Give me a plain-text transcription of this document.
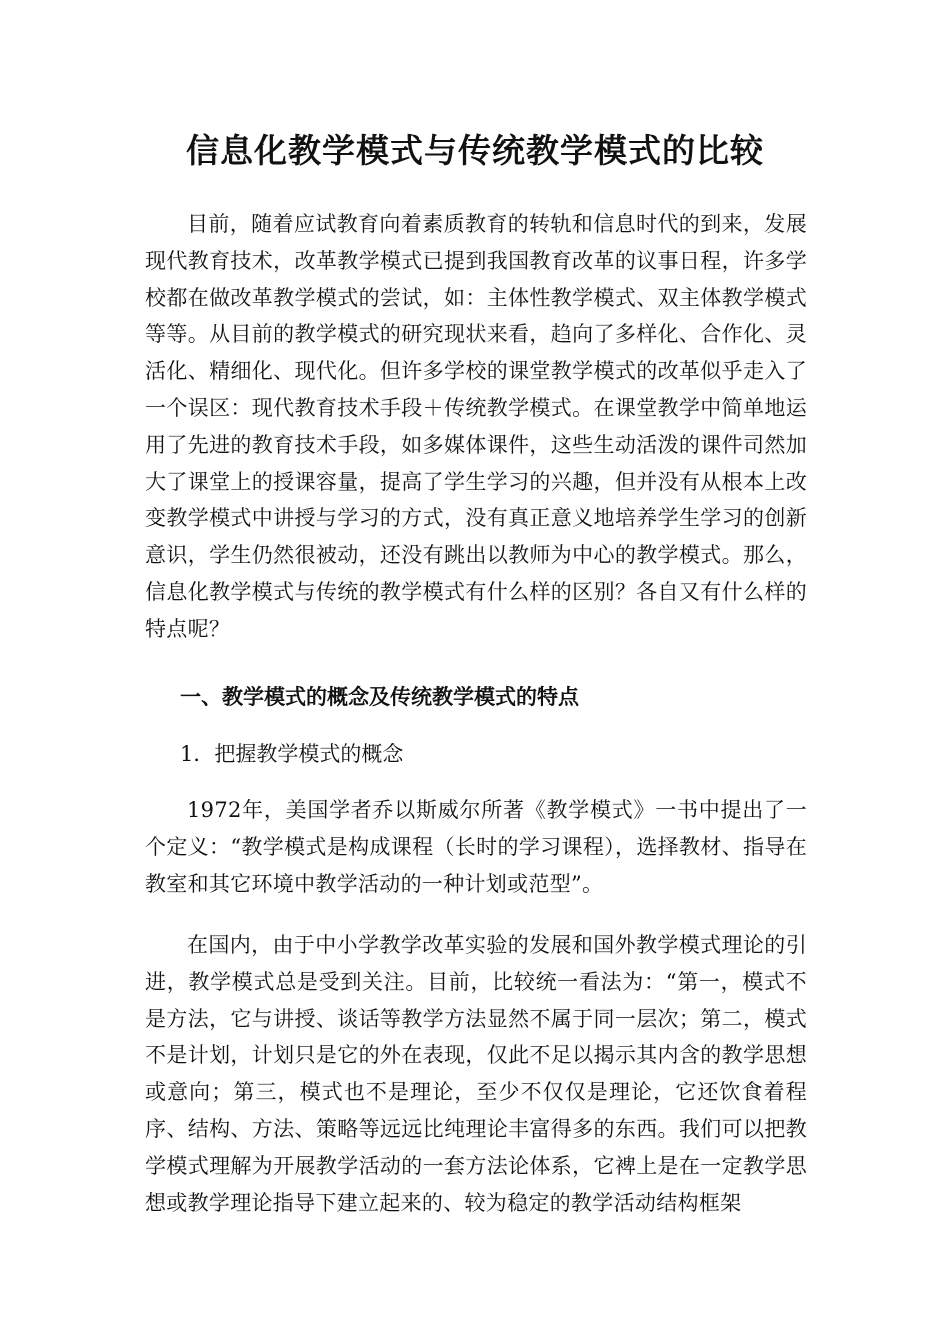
信息化教学模式与传统教学模式的比较

目前，随着应试教育向着素质教育的转轨和信息时代的到来，发展现代教育技术，改革教学模式已提到我国教育改革的议事日程，许多学校都在做改革教学模式的尝试，如：主体性教学模式、双主体教学模式等等。从目前的教学模式的研究现状来看，趋向了多样化、合作化、灵活化、精细化、现代化。但许多学校的课堂教学模式的改革似乎走入了一个误区：现代教育技术手段＋传统教学模式。在课堂教学中简单地运用了先进的教育技术手段，如多媒体课件，这些生动活泼的课件司然加大了课堂上的授课容量，提高了学生学习的兴趣，但并没有从根本上改变教学模式中讲授与学习的方式，没有真正意义地培养学生学习的创新意识，学生仍然很被动，还没有跳出以教师为中心的教学模式。那么，信息化教学模式与传统的教学模式有什么样的区别？各自又有什么样的特点呢？

一、教学模式的概念及传统教学模式的特点

1．把握教学模式的概念

1972年，美国学者乔以斯威尔所著《教学模式》一书中提出了一个定义：“教学模式是构成课程（长时的学习课程），选择教材、指导在教室和其它环境中教学活动的一种计划或范型”。

在国内，由于中小学教学改革实验的发展和国外教学模式理论的引进，教学模式总是受到关注。目前，比较统一看法为：“第一，模式不是方法，它与讲授、谈话等教学方法显然不属于同一层次；第二，模式不是计划，计划只是它的外在表现，仅此不足以揭示其内含的教学思想或意向；第三，模式也不是理论，至少不仅仅是理论，它还饮食着程序、结构、方法、策略等远远比纯理论丰富得多的东西。我们可以把教学模式理解为开展教学活动的一套方法论体系，它裨上是在一定教学思想或教学理论指导下建立起来的、较为稳定的教学活动结构框架
